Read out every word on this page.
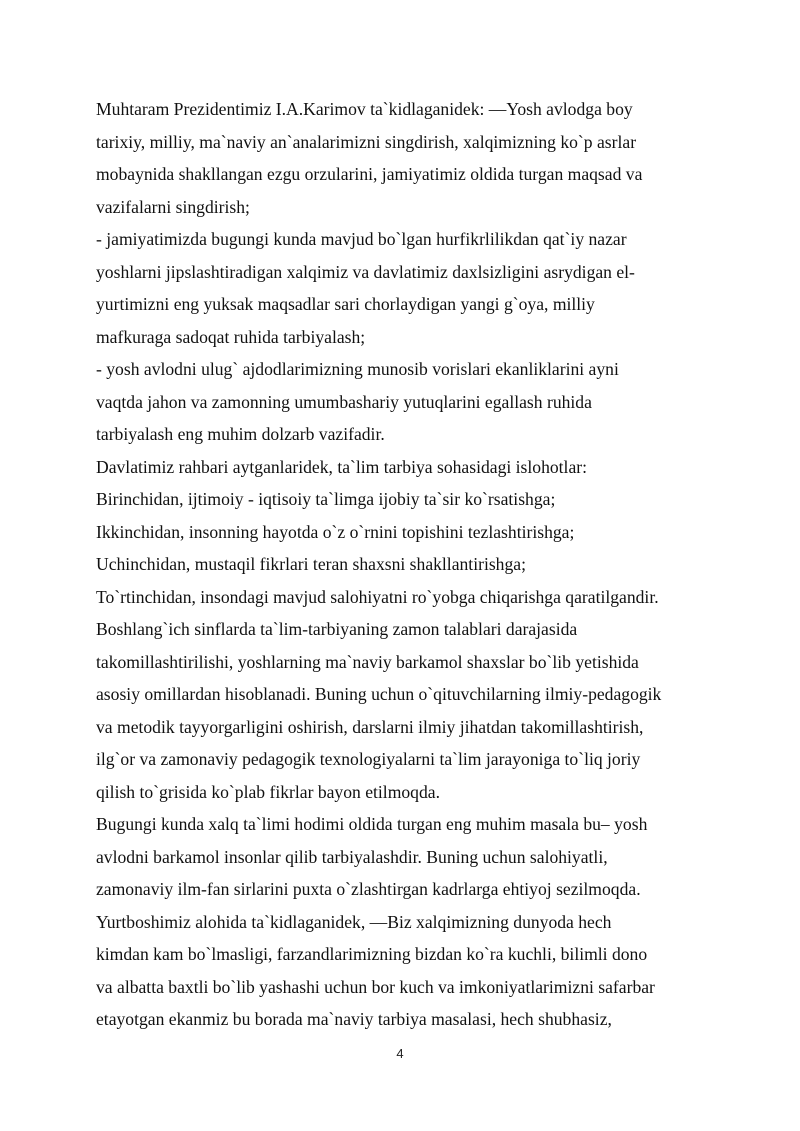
Muhtaram Prezidentimiz I.A.Karimov ta`kidlaganidek: —Yosh avlodga boy
tarixiy, milliy, ma`naviy an`analarimizni singdirish, xalqimizning ko`p asrlar
mobaynida shakllangan ezgu orzularini, jamiyatimiz oldida turgan maqsad va
vazifalarni singdirish;
- jamiyatimizda bugungi kunda mavjud bo`lgan hurfikrlilikdan qat`iy nazar
yoshlarni jipslashtiradigan xalqimiz va davlatimiz daxlsizligini asrydigan el-
yurtimizni eng yuksak maqsadlar sari chorlaydigan yangi g`oya, milliy
mafkuraga sadoqat ruhida tarbiyalash;
- yosh avlodni ulug` ajdodlarimizning munosib vorislari ekanliklarini ayni
vaqtda jahon va zamonning umumbashariy yutuqlarini egallash ruhida
tarbiyalash eng muhim dolzarb vazifadir.
Davlatimiz rahbari aytganlaridek, ta`lim tarbiya sohasidagi islohotlar:
Birinchidan, ijtimoiy - iqtisoiy ta`limga ijobiy ta`sir ko`rsatishga;
Ikkinchidan, insonning hayotda o`z o`rnini topishini tezlashtirishga;
Uchinchidan, mustaqil fikrlari teran shaxsni shakllantirishga;
To`rtinchidan, insondagi mavjud salohiyatni ro`yobga chiqarishga qaratilgandir.
Boshlang`ich sinflarda ta`lim-tarbiyaning zamon talablari darajasida
takomillashtirilishi, yoshlarning ma`naviy barkamol shaxslar bo`lib yetishida
asosiy omillardan hisoblanadi. Buning uchun o`qituvchilarning ilmiy-pedagogik
va metodik tayyorgarligini oshirish, darslarni ilmiy jihatdan takomillashtirish,
ilg`or va zamonaviy pedagogik texnologiyalarni ta`lim jarayoniga to`liq joriy
qilish to`grisida ko`plab fikrlar bayon etilmoqda.
Bugungi kunda xalq ta`limi hodimi oldida turgan eng muhim masala bu– yosh
avlodni barkamol insonlar qilib tarbiyalashdir. Buning uchun salohiyatli,
zamonaviy ilm-fan sirlarini puxta o`zlashtirgan kadrlarga ehtiyoj sezilmoqda.
Yurtboshimiz alohida ta`kidlaganidek, —Biz xalqimizning dunyoda hech
kimdan kam bo`lmasligi, farzandlarimizning bizdan ko`ra kuchli, bilimli dono
va albatta baxtli bo`lib yashashi uchun bor kuch va imkoniyatlarimizni safarbar
etayotgan ekanmiz bu borada ma`naviy tarbiya masalasi, hech shubhasiz,
4
